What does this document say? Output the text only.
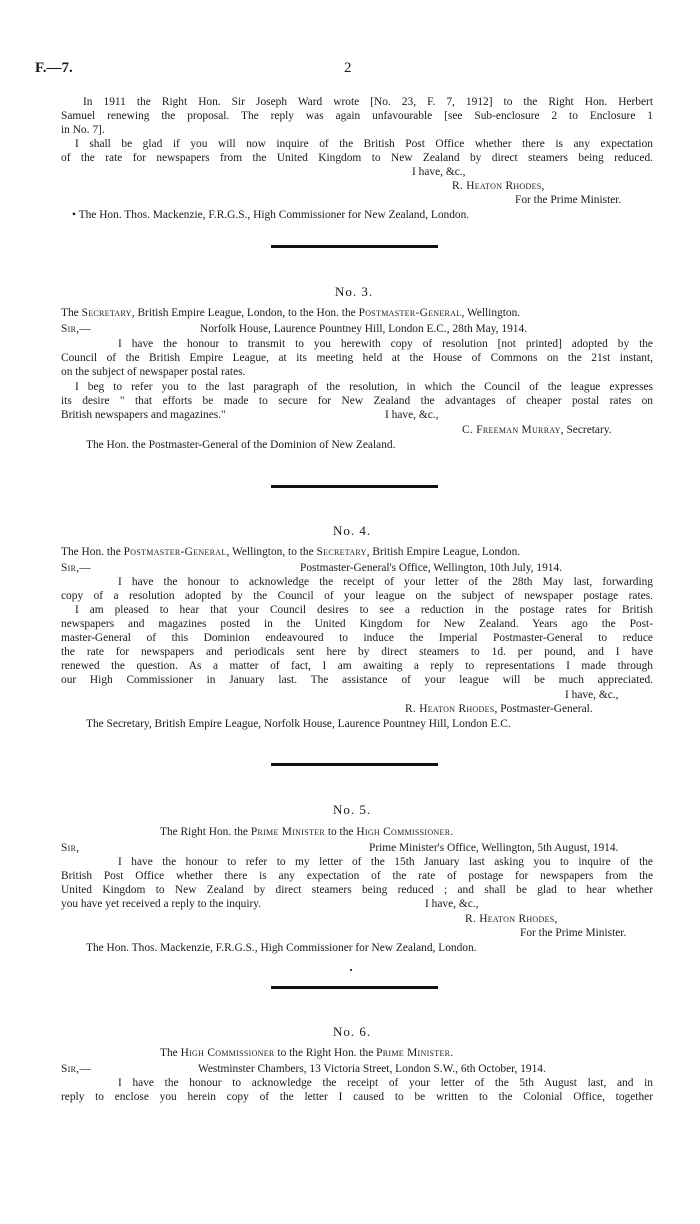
F.—7.	2
In 1911 the Right Hon. Sir Joseph Ward wrote [No. 23, F. 7, 1912] to the Right Hon. Herbert
Samuel renewing the proposal. The reply was again unfavourable [see Sub-enclosure 2 to Enclosure 1
in No. 7].
I shall be glad if you will now inquire of the British Post Office whether there is any expectation
of the rate for newspapers from the United Kingdom to New Zealand by direct steamers being reduced.
I have, &c.,
R. Heaton Rhodes,
For the Prime Minister.
• The Hon. Thos. Mackenzie, F.R.G.S., High Commissioner for New Zealand, London.
No. 3.
The Secretary, British Empire League, London, to the Hon. the Postmaster-General, Wellington.
Sir,—	Norfolk House, Laurence Pountney Hill, London E.C., 28th May, 1914.
I have the honour to transmit to you herewith copy of resolution [not printed] adopted by the
Council of the British Empire League, at its meeting held at the House of Commons on the 21st instant,
on the subject of newspaper postal rates.
I beg to refer you to the last paragraph of the resolution, in which the Council of the league expresses
its desire " that efforts be made to secure for New Zealand the advantages of cheaper postal rates on
British newspapers and magazines."	I have, &c.,
C. Freeman Murray, Secretary.
The Hon. the Postmaster-General of the Dominion of New Zealand.
No. 4.
The Hon. the Postmaster-General, Wellington, to the Secretary, British Empire League, London.
Sir,—	Postmaster-General's Office, Wellington, 10th July, 1914.
I have the honour to acknowledge the receipt of your letter of the 28th May last, forwarding
copy of a resolution adopted by the Council of your league on the subject of newspaper postage rates.
I am pleased to hear that your Council desires to see a reduction in the postage rates for British
newspapers and magazines posted in the United Kingdom for New Zealand. Years ago the Post-
master-General of this Dominion endeavoured to induce the Imperial Postmaster-General to reduce
the rate for newspapers and periodicals sent here by direct steamers to 1d. per pound, and I have
renewed the question. As a matter of fact, I am awaiting a reply to representations I made through
our High Commissioner in January last. The assistance of your league will be much appreciated.
I have, &c.,
R. Heaton Rhodes, Postmaster-General.
The Secretary, British Empire League, Norfolk House, Laurence Pountney Hill, London E.C.
No. 5.
The Right Hon. the Prime Minister to the High Commissioner.
Sir,	Prime Minister's Office, Wellington, 5th August, 1914.
I have the honour to refer to my letter of the 15th January last asking you to inquire of the
British Post Office whether there is any expectation of the rate of postage for newspapers from the
United Kingdom to New Zealand by direct steamers being reduced ; and shall be glad to hear whether
you have yet received a reply to the inquiry.	I have, &c.,
R. Heaton Rhodes,
For the Prime Minister.
The Hon. Thos. Mackenzie, F.R.G.S., High Commissioner for New Zealand, London.
No. 6.
The High Commissioner to the Right Hon. the Prime Minister.
Sir,—	Westminster Chambers, 13 Victoria Street, London S.W., 6th October, 1914.
I have the honour to acknowledge the receipt of your letter of the 5th August last, and in
reply to enclose you herein copy of the letter I caused to be written to the Colonial Office, together
